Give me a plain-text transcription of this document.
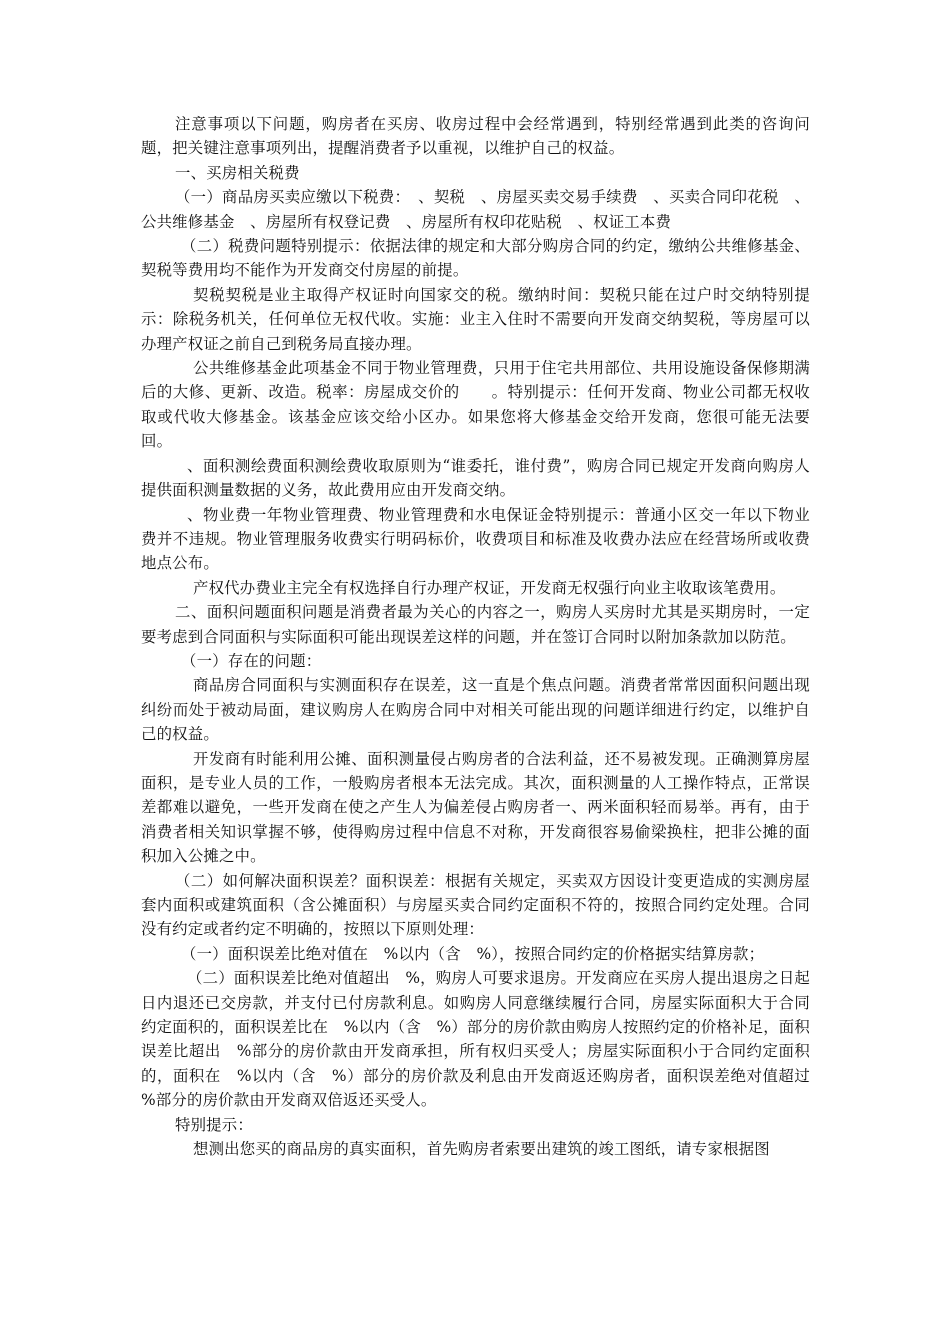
注意事项以下问题，购房者在买房、收房过程中会经常遇到，特别经常遇到此类的咨询问题，把关键注意事项列出，提醒消费者予以重视，以维护自己的权益。

一、买房相关税费

（一）商品房买卖应缴以下税费：　、契税　、房屋买卖交易手续费　、买卖合同印花税　、公共维修基金　、房屋所有权登记费　、房屋所有权印花贴税　、权证工本费

（二）税费问题特别提示：依据法律的规定和大部分购房合同的约定，缴纳公共维修基金、契税等费用均不能作为开发商交付房屋的前提。

契税契税是业主取得产权证时向国家交的税。缴纳时间：契税只能在过户时交纳特别提示：除税务机关，任何单位无权代收。实施：业主入住时不需要向开发商交纳契税，等房屋可以办理产权证之前自己到税务局直接办理。

公共维修基金此项基金不同于物业管理费，只用于住宅共用部位、共用设施设备保修期满后的大修、更新、改造。税率：房屋成交价的　　。特别提示：任何开发商、物业公司都无权收取或代收大修基金。该基金应该交给小区办。如果您将大修基金交给开发商，您很可能无法要回。

、面积测绘费面积测绘费收取原则为“谁委托，谁付费”，购房合同已规定开发商向购房人提供面积测量数据的义务，故此费用应由开发商交纳。

、物业费一年物业管理费、物业管理费和水电保证金特别提示：普通小区交一年以下物业费并不违规。物业管理服务收费实行明码标价，收费项目和标准及收费办法应在经营场所或收费地点公布。

产权代办费业主完全有权选择自行办理产权证，开发商无权强行向业主收取该笔费用。

二、面积问题面积问题是消费者最为关心的内容之一，购房人买房时尤其是买期房时，一定要考虑到合同面积与实际面积可能出现误差这样的问题，并在签订合同时以附加条款加以防范。

（一）存在的问题：

商品房合同面积与实测面积存在误差，这一直是个焦点问题。消费者常常因面积问题出现纠纷而处于被动局面，建议购房人在购房合同中对相关可能出现的问题详细进行约定，以维护自己的权益。

开发商有时能利用公摊、面积测量侵占购房者的合法利益，还不易被发现。正确测算房屋面积，是专业人员的工作，一般购房者根本无法完成。其次，面积测量的人工操作特点，正常误差都难以避免，一些开发商在使之产生人为偏差侵占购房者一、两米面积轻而易举。再有，由于消费者相关知识掌握不够，使得购房过程中信息不对称，开发商很容易偷梁换柱，把非公摊的面积加入公摊之中。

（二）如何解决面积误差？面积误差：根据有关规定，买卖双方因设计变更造成的实测房屋套内面积或建筑面积（含公摊面积）与房屋买卖合同约定面积不符的，按照合同约定处理。合同没有约定或者约定不明确的，按照以下原则处理：

（一）面积误差比绝对值在　%以内（含　%），按照合同约定的价格据实结算房款；

（二）面积误差比绝对值超出　%，购房人可要求退房。开发商应在买房人提出退房之日起　　日内退还已交房款，并支付已付房款利息。如购房人同意继续履行合同，房屋实际面积大于合同约定面积的，面积误差比在　%以内（含　%）部分的房价款由购房人按照约定的价格补足，面积误差比超出　%部分的房价款由开发商承担，所有权归买受人；房屋实际面积小于合同约定面积的，面积在　%以内（含　%）部分的房价款及利息由开发商返还购房者，面积误差绝对值超过　%部分的房价款由开发商双倍返还买受人。

特别提示：

想测出您买的商品房的真实面积，首先购房者索要出建筑的竣工图纸，请专家根据图
